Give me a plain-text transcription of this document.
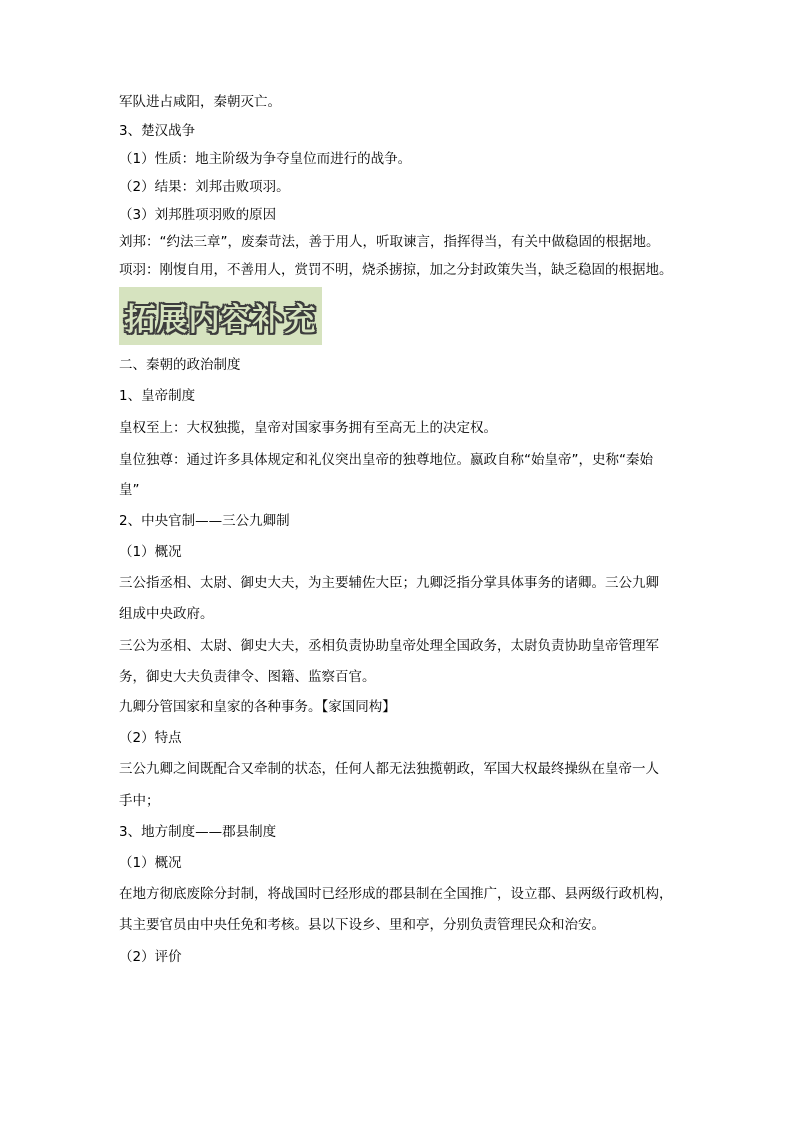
军队进占咸阳，秦朝灭亡。
3、楚汉战争
（1）性质：地主阶级为争夺皇位而进行的战争。
（2）结果：刘邦击败项羽。
（3）刘邦胜项羽败的原因
刘邦：“约法三章”，废秦苛法，善于用人，听取谏言，指挥得当，有关中做稳固的根据地。
项羽：刚愎自用，不善用人，赏罚不明，烧杀掳掠，加之分封政策失当，缺乏稳固的根据地。
拓展内容补充
二、秦朝的政治制度
1、皇帝制度
皇权至上：大权独揽，皇帝对国家事务拥有至高无上的决定权。
皇位独尊：通过许多具体规定和礼仪突出皇帝的独尊地位。嬴政自称“始皇帝”，史称“秦始
皇”
2、中央官制——三公九卿制
（1）概况
三公指丞相、太尉、御史大夫，为主要辅佐大臣；九卿泛指分掌具体事务的诸卿。三公九卿
组成中央政府。
三公为丞相、太尉、御史大夫，丞相负责协助皇帝处理全国政务，太尉负责协助皇帝管理军
务，御史大夫负责律令、图籍、监察百官。
九卿分管国家和皇家的各种事务。【家国同构】
（2）特点
三公九卿之间既配合又牵制的状态，任何人都无法独揽朝政，军国大权最终操纵在皇帝一人
手中；
3、地方制度——郡县制度
（1）概况
在地方彻底废除分封制，将战国时已经形成的郡县制在全国推广，设立郡、县两级行政机构，
其主要官员由中央任免和考核。县以下设乡、里和亭，分别负责管理民众和治安。
（2）评价
